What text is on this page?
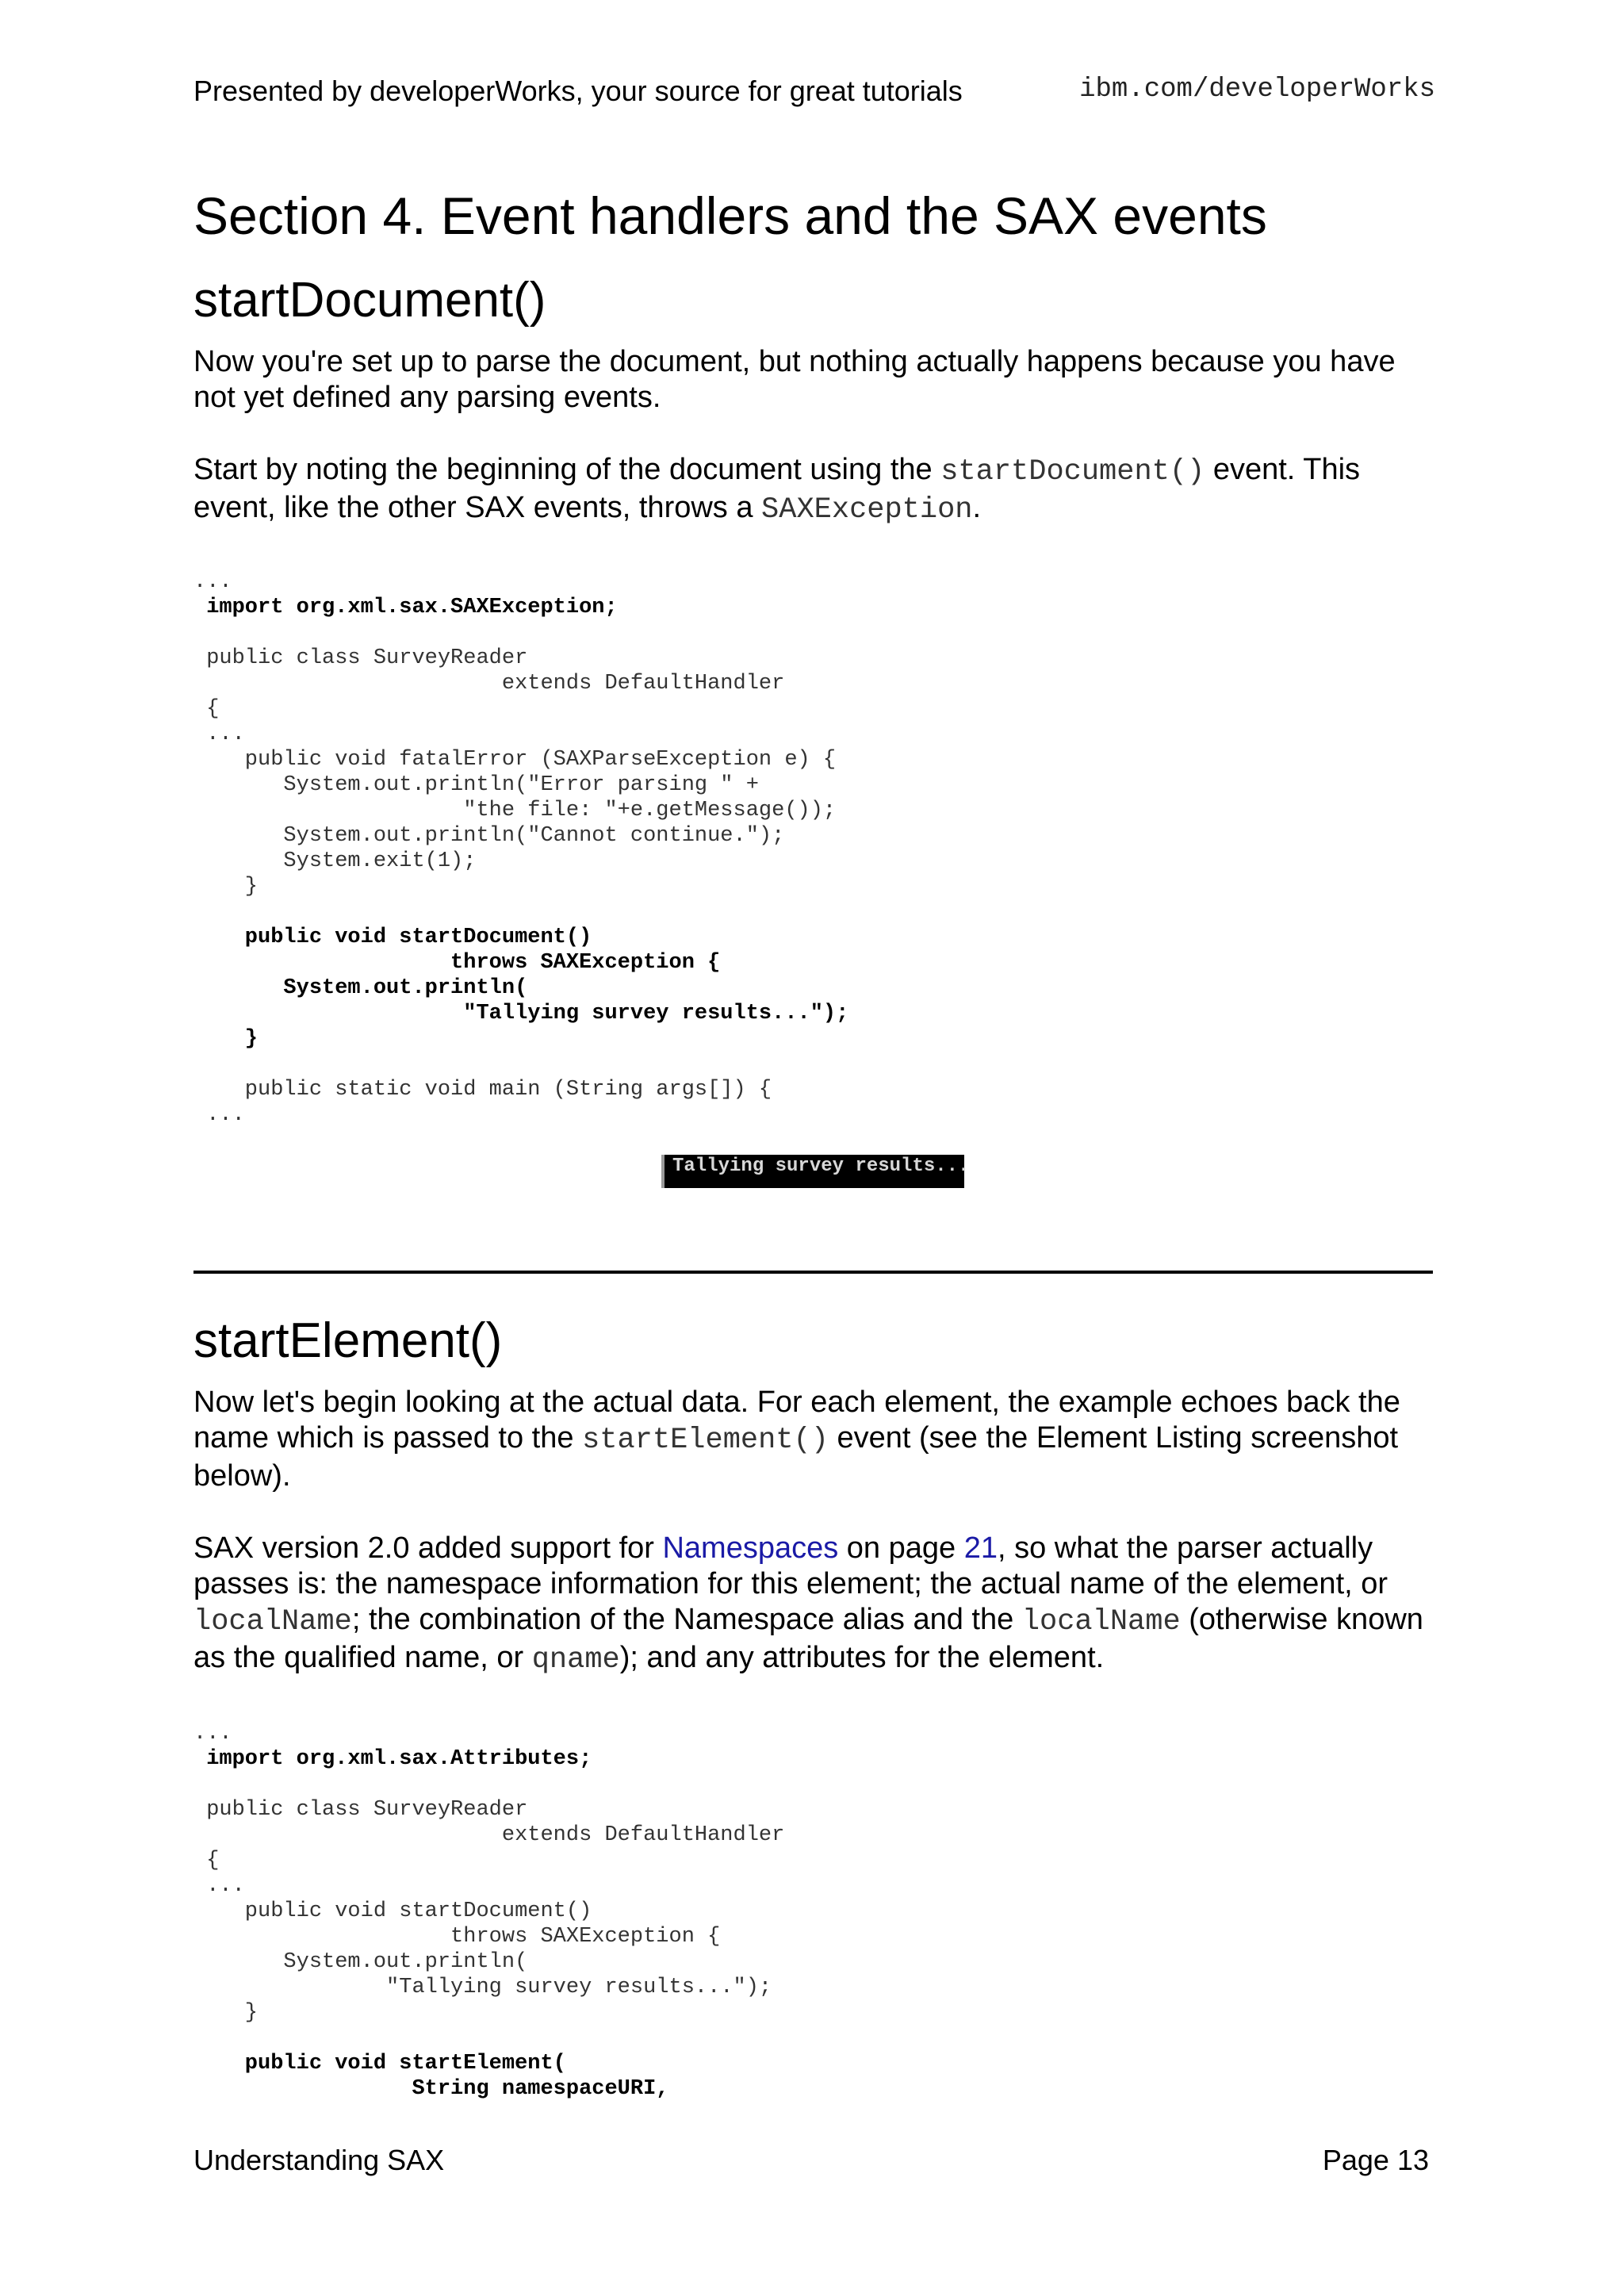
Presented by developerWorks, your source for great tutorials	ibm.com/developerWorks
Section 4. Event handlers and the SAX events
startDocument()

Now you're set up to parse the document, but nothing actually happens because you have not yet defined any parsing events.

Start by noting the beginning of the document using the startDocument() event. This event, like the other SAX events, throws a SAXException.

...
import org.xml.sax.SAXException;

public class SurveyReader
extends DefaultHandler
{
...
public void fatalError (SAXParseException e) {
System.out.println("Error parsing " +
"the file: "+e.getMessage());
System.out.println("Cannot continue.");
System.exit(1);
}

public void startDocument()
throws SAXException {
System.out.println(
"Tallying survey results...");
}

public static void main (String args[]) {
...
Tallying survey results...
startElement()

Now let's begin looking at the actual data. For each element, the example echoes back the name which is passed to the startElement() event (see the Element Listing screenshot below).

SAX version 2.0 added support for Namespaces on page 21, so what the parser actually passes is: the namespace information for this element; the actual name of the element, or localName; the combination of the Namespace alias and the localName (otherwise known as the qualified name, or qname); and any attributes for the element.

...
import org.xml.sax.Attributes;

public class SurveyReader
extends DefaultHandler
{
...
public void startDocument()
throws SAXException {
System.out.println(
"Tallying survey results...");
}

public void startElement(
String namespaceURI,
Understanding SAX	Page 13
